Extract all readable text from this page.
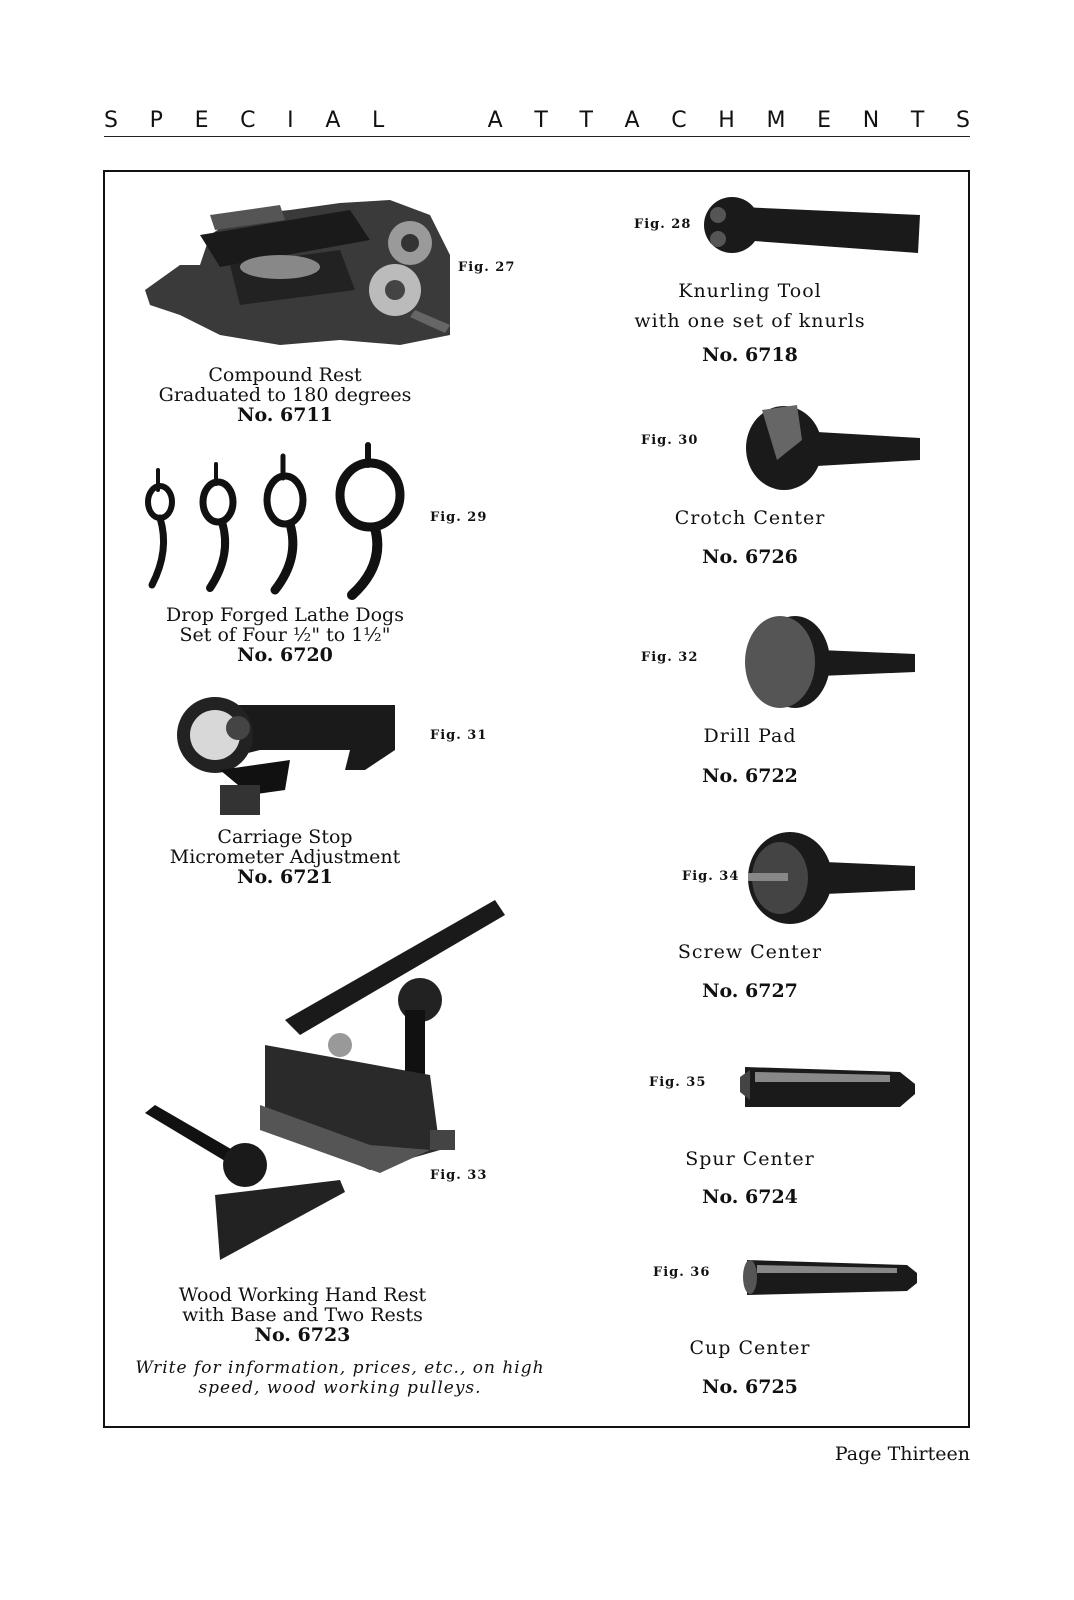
S P E C I A L	A T T A C H M E N T S
Fig. 27
Compound Rest
Graduated to 180 degrees
No. 6711
Fig. 29
Drop Forged Lathe Dogs
Set of Four ½" to 1½"
No. 6720
Fig. 31
Carriage Stop
Micrometer Adjustment
No. 6721
Fig. 33
Wood Working Hand Rest
with Base and Two Rests
No. 6723
Write for information, prices, etc., on high
speed, wood working pulleys.
Fig. 28
Knurling Tool
with one set of knurls
No. 6718
Fig. 30
Crotch Center
No. 6726
Fig. 32
Drill Pad
No. 6722
Fig. 34
Screw Center
No. 6727
Fig. 35
Spur Center
No. 6724
Fig. 36
Cup Center
No. 6725
Page Thirteen
